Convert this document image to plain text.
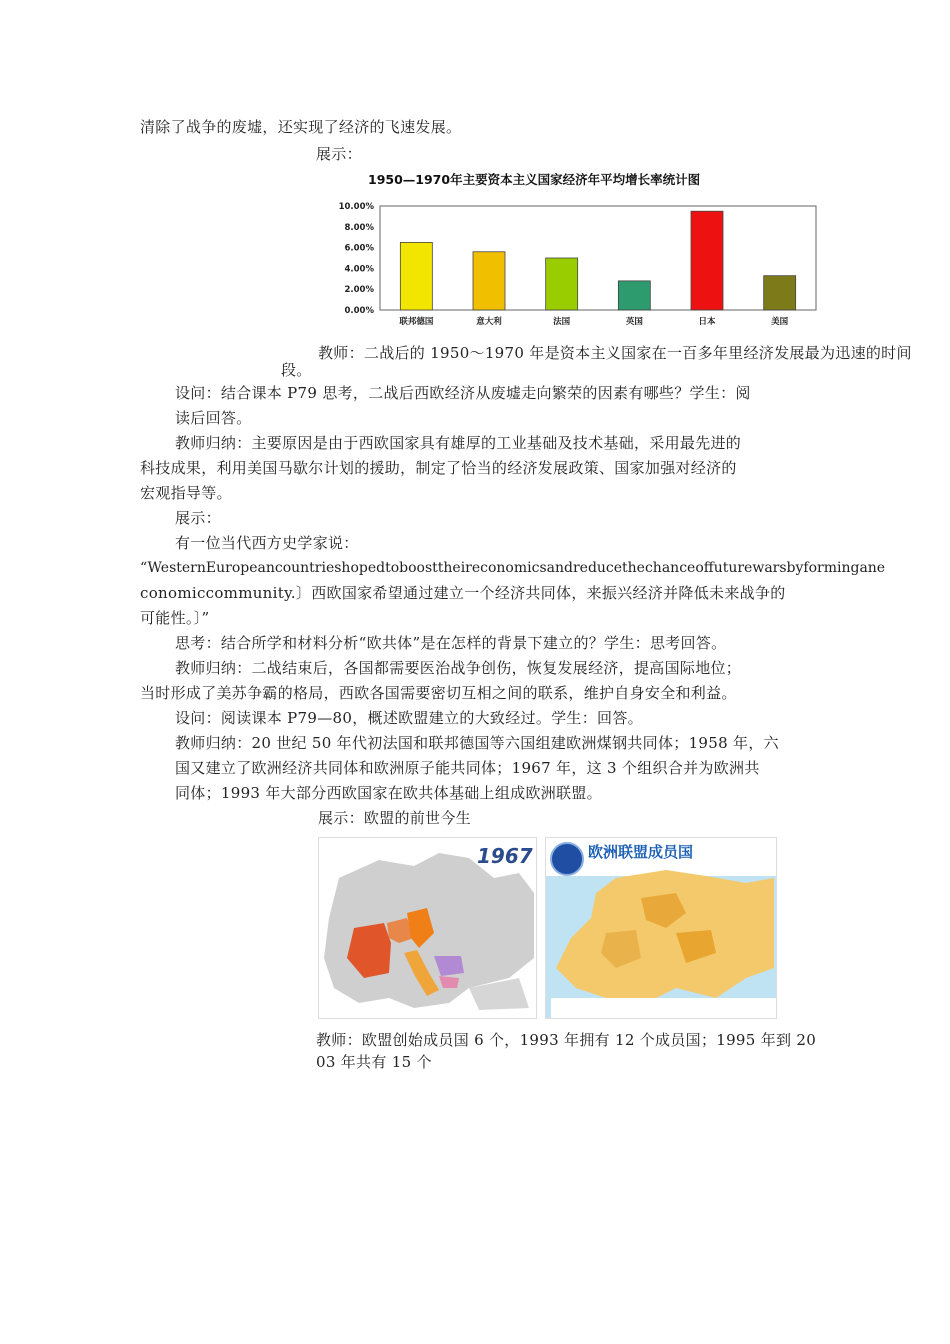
清除了战争的废墟，还实现了经济的飞速发展。
展示：
1950—1970年主要资本主义国家经济年平均增长率统计图
10.00%
8.00%
6.00%
4.00%
2.00%
0.00%
联邦德国	意大利	法国	英国	日本	美国
教师：二战后的 1950～1970 年是资本主义国家在一百多年里经济发展最为迅速的时间
段。
设问：结合课本 P79 思考，二战后西欧经济从废墟走向繁荣的因素有哪些？学生：阅
读后回答。
教师归纳：主要原因是由于西欧国家具有雄厚的工业基础及技术基础，采用最先进的
科技成果，利用美国马歇尔计划的援助，制定了恰当的经济发展政策、国家加强对经济的
宏观指导等。
展示：
有一位当代西方史学家说：
“WesternEuropeancountrieshopedtoboosttheireconomicsandreducethechanceoffuturewarsbyformingane
conomiccommunity.〕西欧国家希望通过建立一个经济共同体，来振兴经济并降低未来战争的
可能性。〕”
思考：结合所学和材料分析“欧共体”是在怎样的背景下建立的？学生：思考回答。
教师归纳：二战结束后，各国都需要医治战争创伤，恢复发展经济，提高国际地位；
当时形成了美苏争霸的格局，西欧各国需要密切互相之间的联系，维护自身安全和利益。
设问：阅读课本 P79—80，概述欧盟建立的大致经过。学生：回答。
教师归纳：20 世纪 50 年代初法国和联邦德国等六国组建欧洲煤钢共同体；1958 年，六
国又建立了欧洲经济共同体和欧洲原子能共同体；1967 年，这 3 个组织合并为欧洲共
同体；1993 年大部分西欧国家在欧共体基础上组成欧洲联盟。
展示：欧盟的前世今生
1967	欧洲联盟成员国
教师：欧盟创始成员国 6 个，1993 年拥有 12 个成员国；1995 年到 20
03 年共有 15 个
